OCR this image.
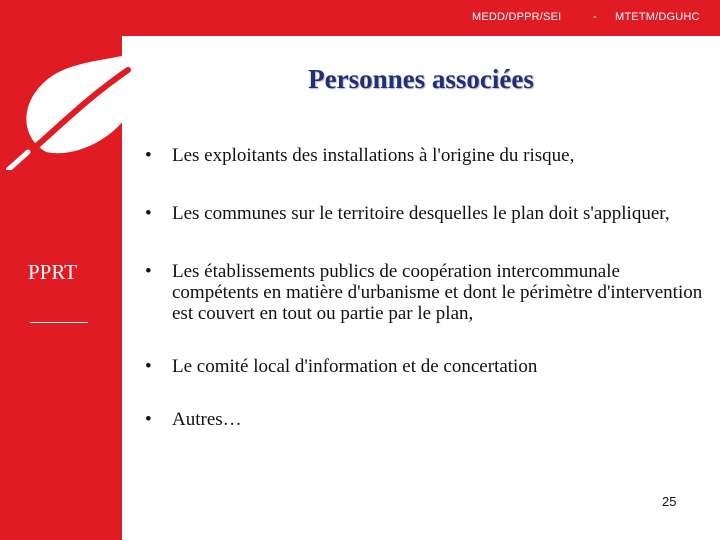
MEDD/DPPR/SEI	- MTETM/DGUHC
PPRT
Personnes associées
• Les exploitants des installations à l'origine du risque,
• Les communes sur le territoire desquelles le plan doit s'appliquer,
• Les établissements publics de coopération intercommunale compétents en matière d'urbanisme et dont le périmètre d'intervention est couvert en tout ou partie par le plan,
• Le comité local d'information et de concertation
• Autres…
25
